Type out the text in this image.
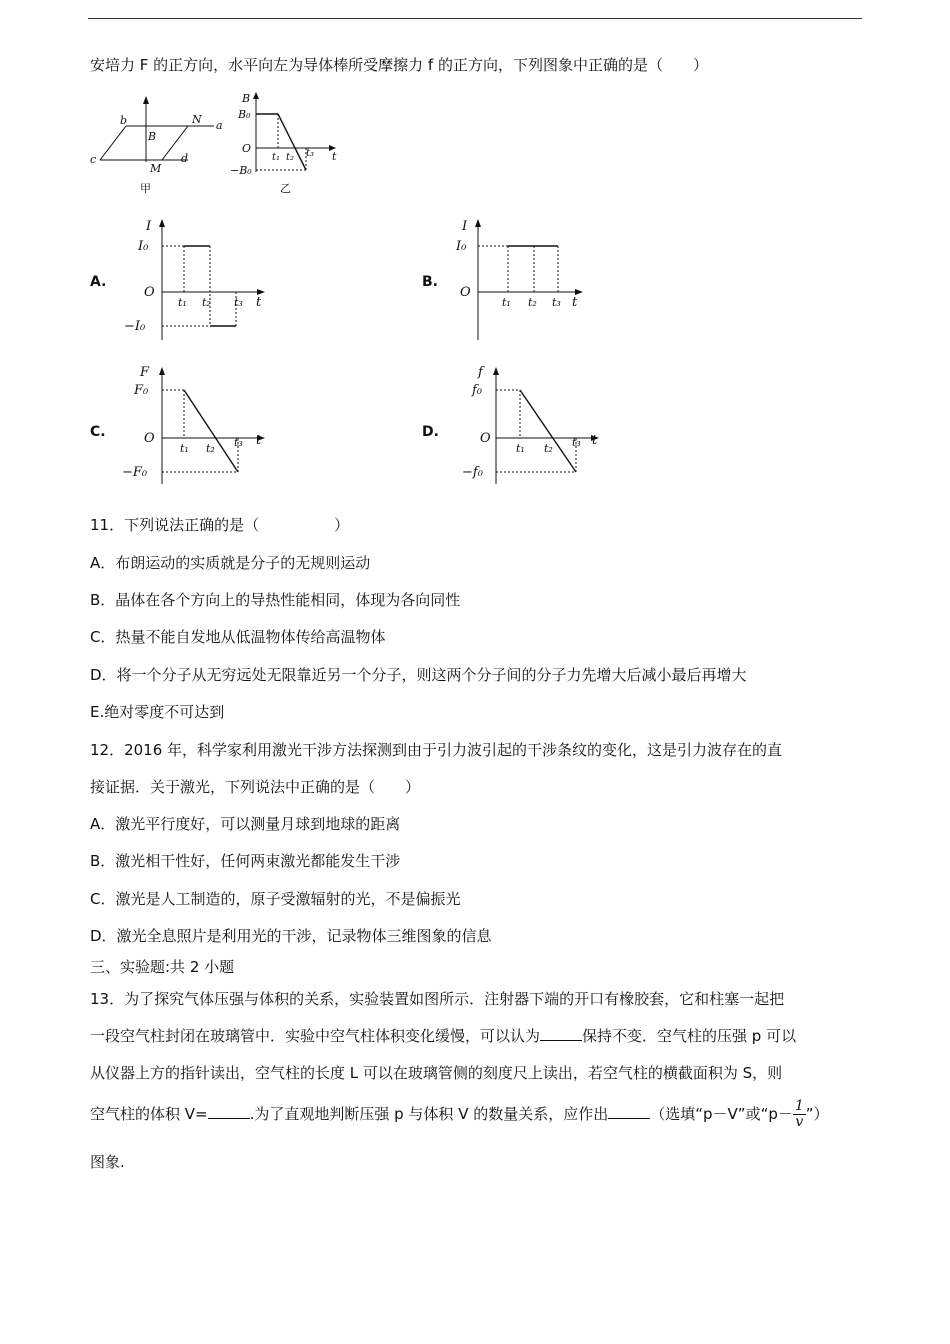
安培力 F 的正方向，水平向左为导体棒所受摩擦力 f 的正方向，下列图象中正确的是（　　）
b	N a
B
c
M
d
甲
B
B₀
O
−B₀
t₁ t₂ t₃ t
乙
A.
I
I₀
O
−I₀
t₁ t₂ t₃ t
B.
I
I₀
O
t₁ t₂ t₃ t
C.
F
F₀
O
−F₀
t₁ t₂ t₃ t
D.
f
f₀
O
−f₀
t₁ t₂ t₃ t
11．下列说法正确的是（　　　　　）
A．布朗运动的实质就是分子的无规则运动
B．晶体在各个方向上的导热性能相同，体现为各向同性
C．热量不能自发地从低温物体传给高温物体
D．将一个分子从无穷远处无限靠近另一个分子，则这两个分子间的分子力先增大后减小最后再增大
E.绝对零度不可达到
12．2016 年，科学家利用激光干涉方法探测到由于引力波引起的干涉条纹的变化，这是引力波存在的直
接证据．关于激光，下列说法中正确的是（　　）
A．激光平行度好，可以测量月球到地球的距离
B．激光相干性好，任何两束激光都能发生干涉
C．激光是人工制造的，原子受激辐射的光，不是偏振光
D．激光全息照片是利用光的干涉，记录物体三维图象的信息
三、实验题:共 2 小题
13．为了探究气体压强与体积的关系，实验装置如图所示．注射器下端的开口有橡胶套，它和柱塞一起把
一段空气柱封闭在玻璃管中．实验中空气柱体积变化缓慢，可以认为	保持不变．空气柱的压强 p 可以
从仪器上方的指针读出，空气柱的长度 L 可以在玻璃管侧的刻度尺上读出，若空气柱的横截面积为 S，则
空气柱的体积 V=	.为了直观地判断压强 p 与体积 V 的数量关系，应作出	（选填“p－V”或“$p- \frac{1}{v}$ ”）
图象.
